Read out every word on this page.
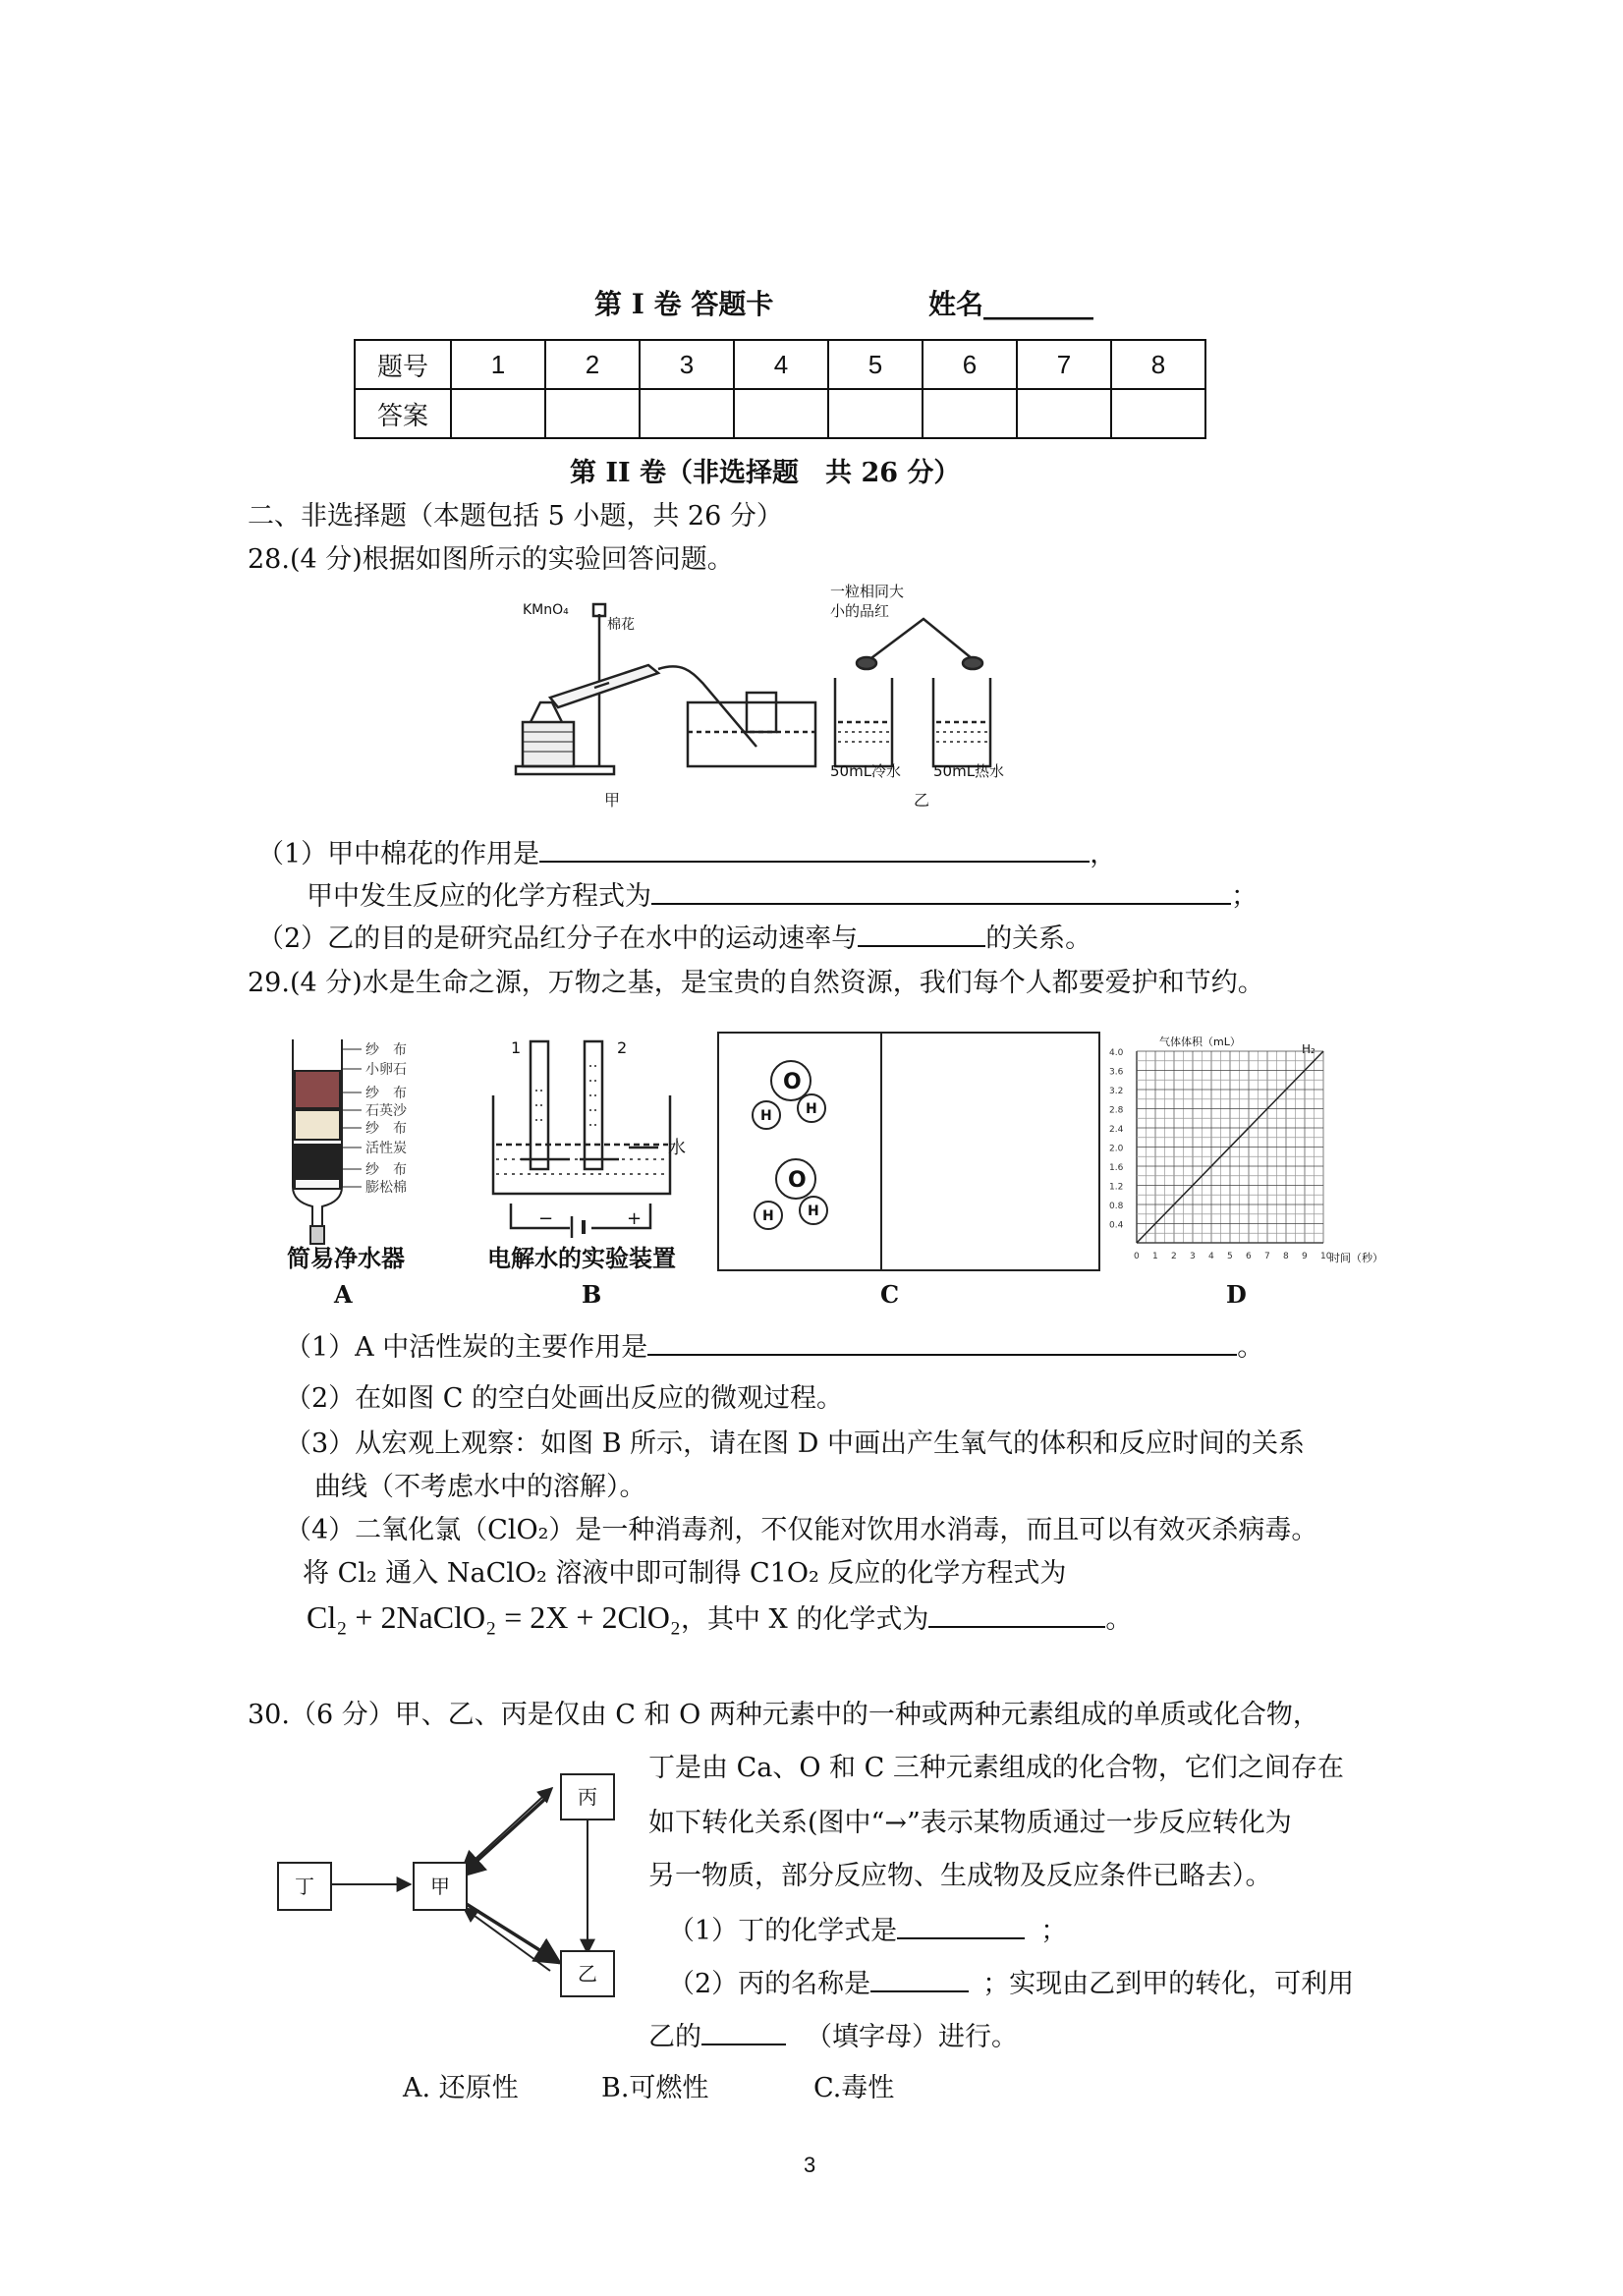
第 I 卷 答题卡	姓名________
题号	1	2	3	4	5	6	7	8
答案								
第 II 卷（非选择题　共 26 分）
二、非选择题（本题包括 5 小题，共 26 分）
28.(4 分)根据如图所示的实验回答问题。
KMnO₄
棉花
甲
一粒相同大
小的品红
50mL冷水 50mL热水
乙
（1）甲中棉花的作用是	，
甲中发生反应的化学方程式为	；
（2）乙的目的是研究品红分子在水中的运动速率与	的关系。
29.(4 分)水是生命之源，万物之基，是宝贵的自然资源，我们每个人都要爱护和节约。
纱　布
小卵石
纱　布
石英沙
纱　布
活性炭
纱　布
膨松棉
简易净水器
A
1	2
水
−	+
电解水的实验装置
B
O
H H
O
H H
C
气体体积（mL）
H₂
时间（秒）
0.4
0.8
1.2
1.6
2.0
2.4
2.8
3.2
3.6
4.0
0 1 2 3 4 5 6 7 8 9 10
D
（1）A 中活性炭的主要作用是	。
（2）在如图 C 的空白处画出反应的微观过程。
（3）从宏观上观察：如图 B 所示，请在图 D 中画出产生氧气的体积和反应时间的关系
曲线（不考虑水中的溶解）。
（4）二氧化氯（ClO₂）是一种消毒剂，不仅能对饮用水消毒，而且可以有效灭杀病毒。
将 Cl₂ 通入 NaClO₂ 溶液中即可制得 C1O₂ 反应的化学方程式为
Cl₂ + 2NaClO₂ = 2X + 2ClO₂，其中 X 的化学式为	。
30.（6 分）甲、乙、丙是仅由 C 和 O 两种元素中的一种或两种元素组成的单质或化合物，
丁是由 Ca、O 和 C 三种元素组成的化合物，它们之间存在
如下转化关系(图中“→”表示某物质通过一步反应转化为
另一物质，部分反应物、生成物及反应条件已略去）。
（1）丁的化学式是	；
（2）丙的名称是	；实现由乙到甲的转化，可利用
乙的	（填字母）进行。
A. 还原性	B.可燃性	C.毒性
丁	甲
丙
乙
3
